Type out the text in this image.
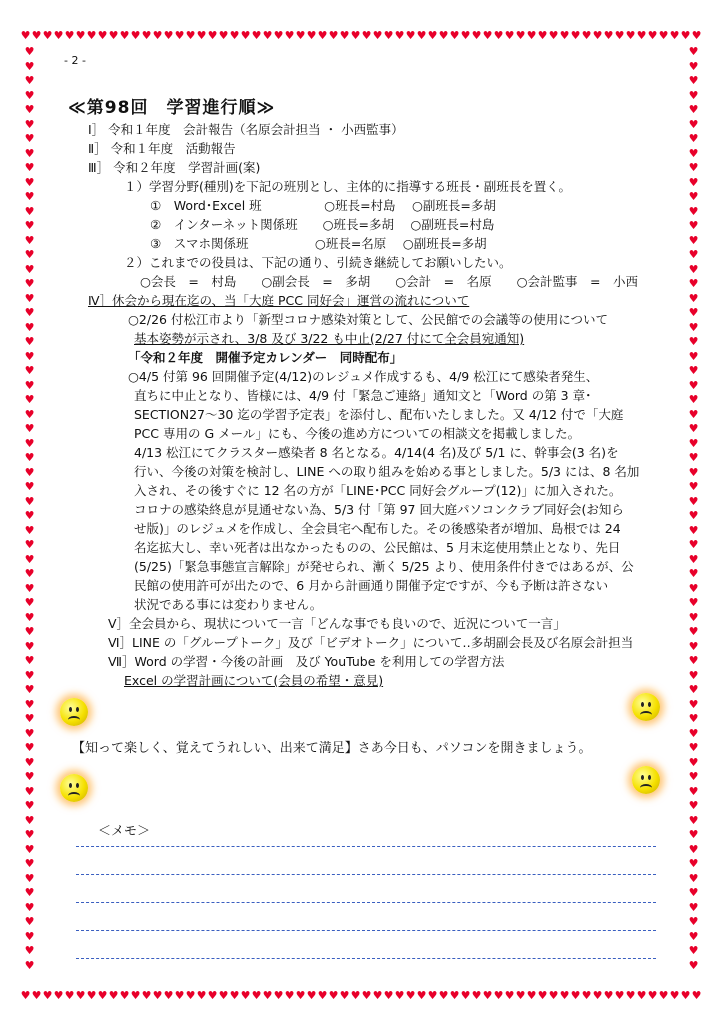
♥♥♥♥♥♥♥♥♥♥♥♥♥♥♥♥♥♥♥♥♥♥♥♥♥♥♥♥♥♥♥♥♥♥♥♥♥♥♥♥♥♥♥♥♥♥♥♥♥♥♥♥♥♥♥♥♥♥♥♥♥♥
♥♥♥♥♥♥♥♥♥♥♥♥♥♥♥♥♥♥♥♥♥♥♥♥♥♥♥♥♥♥♥♥♥♥♥♥♥♥♥♥♥♥♥♥♥♥♥♥♥♥♥♥♥♥♥♥♥♥♥♥♥♥
♥
♥
♥
♥
♥
♥
♥
♥
♥
♥
♥
♥
♥
♥
♥
♥
♥
♥
♥
♥
♥
♥
♥
♥
♥
♥
♥
♥
♥
♥
♥
♥
♥
♥
♥
♥
♥
♥
♥
♥
♥
♥
♥
♥
♥
♥
♥
♥
♥
♥
♥
♥
♥
♥
♥
♥
♥
♥
♥
♥
♥
♥
♥
♥
♥
♥
♥
♥
♥
♥
♥
♥
♥
♥
♥
♥
♥
♥
♥
♥
♥
♥
♥
♥
♥
♥
♥
♥
♥
♥
♥
♥
♥
♥
♥
♥
♥
♥
♥
♥
♥
♥
♥
♥
♥
♥
♥
♥
♥
♥
♥
♥
♥
♥
♥
♥
♥
♥
♥
♥
♥
♥
♥
♥
♥
♥
♥
♥
- 2 -
≪第98回　学習進行順≫
Ⅰ］ 令和１年度　会計報告（名原会計担当 ・ 小西監事）
Ⅱ］ 令和１年度　活動報告
Ⅲ］ 令和２年度　学習計画(案)
１）学習分野(種別)を下記の班別とし、主体的に指導する班長・副班長を置く。
①　Word･Excel 班　　　　　○班長=村島　 ○副班長=多胡
②　インターネット関係班　　○班長=多胡　 ○副班長=村島
③　スマホ関係班　　　　　 ○班長=名原　 ○副班長=多胡
２）これまでの役員は、下記の通り、引続き継続してお願いしたい。
○会長　=　村島　　○副会長　=　多胡　　○会計　=　名原　　○会計監事　=　小西
Ⅳ］休会から現在迄の、当「大庭 PCC 同好会」運営の流れについて
○2/26 付松江市より「新型コロナ感染対策として、公民館での会議等の使用について
基本姿勢が示され、3/8 及び 3/22 も中止(2/27 付にて全会員宛通知)
「令和２年度　開催予定カレンダー　同時配布」
○4/5 付第 96 回開催予定(4/12)のレジュメ作成するも、4/9 松江にて感染者発生、
直ちに中止となり、皆様には、4/9 付「緊急ご連絡」通知文と「Word の第 3 章･
SECTION27～30 迄の学習予定表」を添付し、配布いたしました。又 4/12 付で「大庭
PCC 専用の G メール」にも、今後の進め方についての相談文を掲載しました。
4/13 松江にてクラスター感染者 8 名となる。4/14(4 名)及び 5/1 に、幹事会(3 名)を
行い、今後の対策を検討し、LINE への取り組みを始める事としました。5/3 には、8 名加
入され、その後すぐに 12 名の方が「LINE･PCC 同好会グループ(12)」に加入された。
コロナの感染終息が見通せない為、5/3 付「第 97 回大庭パソコンクラブ同好会(お知ら
せ版)」のレジュメを作成し、全会員宅へ配布した。その後感染者が増加、島根では 24
名迄拡大し、幸い死者は出なかったものの、公民館は、5 月末迄使用禁止となり、先日
(5/25)「緊急事態宣言解除」が発せられ、漸く 5/25 より、使用条件付きではあるが、公
民館の使用許可が出たので、6 月から計画通り開催予定ですが、今も予断は許さない
状況である事には変わりません。
Ⅴ］全会員から、現状について一言「どんな事でも良いので、近況について一言」
Ⅵ］LINE の「グループトーク」及び「ビデオトーク」について‥多胡副会長及び名原会計担当
Ⅶ］Word の学習・今後の計画　及び YouTube を利用しての学習方法
Excel の学習計画について(会員の希望・意見)
【知って楽しく、覚えてうれしい、出来て満足】さあ今日も、パソコンを開きましょう。
＜メモ＞
